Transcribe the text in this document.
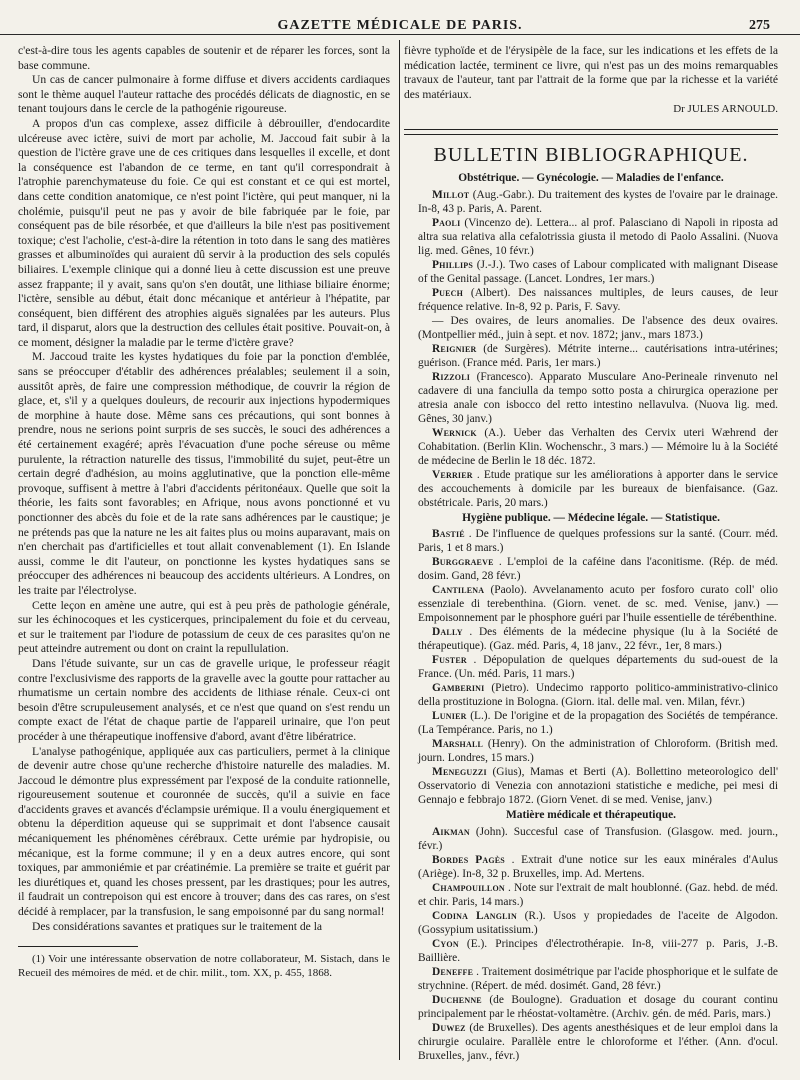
GAZETTE MÉDICALE DE PARIS.	275

c'est-à-dire tous les agents capables de soutenir et de réparer les forces, sont la base commune.

Un cas de cancer pulmonaire à forme diffuse et divers accidents cardiaques sont le thème auquel l'auteur rattache des procédés délicats de diagnostic, en se tenant toujours dans le cercle de la pathogénie rigoureuse.

A propos d'un cas complexe, assez difficile à débrouiller, d'endocardite ulcéreuse avec ictère, suivi de mort par acholie, M. Jaccoud fait subir à la question de l'ictère grave une de ces critiques dans lesquelles il excelle, et dont la conséquence est l'abandon de ce terme, en tant qu'il correspondrait à l'atrophie parenchymateuse du foie. Ce qui est constant et ce qui est mortel, dans cette condition anatomique, ce n'est point l'ictère, qui peut manquer, ni la cholémie, puisqu'il peut ne pas y avoir de bile fabriquée par le foie, par conséquent pas de bile résorbée, et que d'ailleurs la bile n'est pas positivement toxique; c'est l'acholie, c'est-à-dire la rétention in toto dans le sang des matières grasses et albuminoïdes qui auraient dû servir à la production des sels copulés biliaires. L'exemple clinique qui a donné lieu à cette discussion est une preuve assez frappante; il y avait, sans qu'on s'en doutât, une lithiase biliaire énorme; l'ictère, sensible au début, était donc mécanique et antérieur à l'hépatite, par conséquent, bien différent des atrophies aiguës signalées par les auteurs. Plus tard, il disparut, alors que la destruction des cellules était positive. Pouvait-on, à ce moment, désigner la maladie par le terme d'ictère grave?

M. Jaccoud traite les kystes hydatiques du foie par la ponction d'emblée, sans se préoccuper d'établir des adhérences préalables; seulement il a soin, aussitôt après, de faire une compression méthodique, de couvrir la région de glace, et, s'il y a quelques douleurs, de recourir aux injections hypodermiques de morphine à haute dose. Même sans ces précautions, qui sont bonnes à prendre, nous ne serions point surpris de ses succès, le souci des adhérences a été certainement exagéré; après l'évacuation d'une poche séreuse ou même purulente, la rétraction naturelle des tissus, l'immobilité du sujet, peut-être un certain degré d'adhésion, au moins agglutinative, que la ponction elle-même provoque, suffisent à mettre à l'abri d'accidents péritonéaux. Quelle que soit la théorie, les faits sont favorables; en Afrique, nous avons ponctionné et vu ponctionner des abcès du foie et de la rate sans adhérences par le caustique; je ne prétends pas que la nature ne les ait faites plus ou moins auparavant, mais on n'en cherchait pas d'artificielles et tout allait convenablement (1). En Islande aussi, comme le dit l'auteur, on ponctionne les kystes hydatiques sans se préoccuper des adhérences ni beaucoup des accidents ultérieurs. A Londres, on les traite par l'électrolyse.

Cette leçon en amène une autre, qui est à peu près de pathologie générale, sur les échinocoques et les cysticerques, principalement du foie et du cerveau, et sur le traitement par l'iodure de potassium de ceux de ces parasites qu'on ne peut atteindre autrement ou dont on craint la repullulation.

Dans l'étude suivante, sur un cas de gravelle urique, le professeur réagit contre l'exclusivisme des rapports de la gravelle avec la goutte pour rattacher au rhumatisme un certain nombre des accidents de lithiase rénale. Ceux-ci ont besoin d'être scrupuleusement analysés, et ce n'est que quand on s'est rendu un compte exact de l'état de chaque partie de l'appareil urinaire, que l'on peut procéder à une thérapeutique inoffensive d'abord, avant d'être libératrice.

L'analyse pathogénique, appliquée aux cas particuliers, permet à la clinique de devenir autre chose qu'une recherche d'histoire naturelle des maladies. M. Jaccoud le démontre plus expressément par l'exposé de la conduite rationnelle, rigoureusement soutenue et couronnée de succès, qu'il a suivie en face d'accidents graves et avancés d'éclampsie urémique. Il a voulu énergiquement et obtenu la déperdition aqueuse qui se supprimait et dont l'absence causait mécaniquement les phénomènes cérébraux. Cette urémie par hydropisie, ou mécanique, est la forme commune; il y en a deux autres encore, qui sont toxiques, par ammoniémie et par créatinémie. La première se traite et guérit par les diurétiques et, quand les choses pressent, par les drastiques; pour les autres, il faudrait un contrepoison qui est encore à trouver; dans des cas rares, on s'est décidé à remplacer, par la transfusion, le sang empoisonné par du sang normal!

Des considérations savantes et pratiques sur le traitement de la

(1) Voir une intéressante observation de notre collaborateur, M. Sistach, dans le Recueil des mémoires de méd. et de chir. milit., tom. XX, p. 455, 1868.

fièvre typhoïde et de l'érysipèle de la face, sur les indications et les effets de la médication lactée, terminent ce livre, qui n'est pas un des moins remarquables travaux de l'auteur, tant par l'attrait de la forme que par la richesse et la variété des matériaux.

Dr JULES ARNOULD.

BULLETIN BIBLIOGRAPHIQUE.
Obstétrique. — Gynécologie. — Maladies de l'enfance.

Millot (Aug.-Gabr.). Du traitement des kystes de l'ovaire par le drainage. In-8, 43 p. Paris, A. Parent.

Paoli (Vincenzo de). Lettera... al prof. Palasciano di Napoli in riposta ad altra sua relativa alla cefalotrissia giusta il metodo di Paolo Assalini. (Nuova lig. med. Gênes, 10 févr.)

Phillips (J.-J.). Two cases of Labour complicated with malignant Disease of the Genital passage. (Lancet. Londres, 1er mars.)

Puech (Albert). Des naissances multiples, de leurs causes, de leur fréquence relative. In-8, 92 p. Paris, F. Savy.

— Des ovaires, de leurs anomalies. De l'absence des deux ovaires. (Montpellier méd., juin à sept. et nov. 1872; janv., mars 1873.)

Reignier (de Surgères). Métrite interne... cautérisations intra-utérines; guérison. (France méd. Paris, 1er mars.)

Rizzoli (Francesco). Apparato Musculare Ano-Perineale rinvenuto nel cadavere di una fanciulla da tempo sotto posta a chirurgica operazione per atresia anale con isbocco del retto intestino nellavulva. (Nuova lig. med. Gênes, 30 janv.)

Wernick (A.). Ueber das Verhalten des Cervix uteri Wæhrend der Cohabitation. (Berlin Klin. Wochenschr., 3 mars.) — Mémoire lu à la Société de médecine de Berlin le 18 déc. 1872.

Verrier . Etude pratique sur les améliorations à apporter dans le service des accouchements à domicile par les bureaux de bienfaisance. (Gaz. obstétricale. Paris, 20 mars.)

Hygiène publique. — Médecine légale. — Statistique.

Bastié . De l'influence de quelques professions sur la santé. (Courr. méd. Paris, 1 et 8 mars.)

Burggraeve . L'emploi de la caféine dans l'aconitisme. (Rép. de méd. dosim. Gand, 28 févr.)

Cantilena (Paolo). Avvelanamento acuto per fosforo curato coll' olio essenziale di terebenthina. (Giorn. venet. de sc. med. Venise, janv.) — Empoisonnement par le phosphore guéri par l'huile essentielle de térébenthine.

Dally . Des éléments de la médecine physique (lu à la Société de thérapeutique). (Gaz. méd. Paris, 4, 18 janv., 22 févr., 1er, 8 mars.)

Fuster . Dépopulation de quelques départements du sud-ouest de la France. (Un. méd. Paris, 11 mars.)

Gamberini (Pietro). Undecimo rapporto politico-amministrativo-clinico della prostituzione in Bologna. (Giorn. ital. delle mal. ven. Milan, févr.)

Lunier (L.). De l'origine et de la propagation des Sociétés de tempérance. (La Tempérance. Paris, no 1.)

Marshall (Henry). On the administration of Chloroform. (British med. journ. Londres, 15 mars.)

Meneguzzi (Gius), Mamas et Berti (A). Bollettino meteorologico dell' Osservatorio di Venezia con annotazioni statistiche e mediche, pei mesi di Gennajo e febbrajo 1872. (Giorn Venet. di se med. Venise, janv.)

Matière médicale et thérapeutique.

Aikman (John). Succesful case of Transfusion. (Glasgow. med. journ., févr.)

Bordes Pagès . Extrait d'une notice sur les eaux minérales d'Aulus (Ariège). In-8, 32 p. Bruxelles, imp. Ad. Mertens.

Champouillon . Note sur l'extrait de malt houblonné. (Gaz. hebd. de méd. et chir. Paris, 14 mars.)

Codina Langlin (R.). Usos y propiedades de l'aceite de Algodon. (Gossypium usitatissium.)

Cyon (E.). Principes d'électrothérapie. In-8, viii-277 p. Paris, J.-B. Baillière.

Deneffe . Traitement dosimétrique par l'acide phosphorique et le sulfate de strychnine. (Répert. de méd. dosimét. Gand, 28 févr.)

Duchenne (de Boulogne). Graduation et dosage du courant continu principalement par le rhéostat-voltamètre. (Archiv. gén. de méd. Paris, mars.)

Duwez (de Bruxelles). Des agents anesthésiques et de leur emploi dans la chirurgie oculaire. Parallèle entre le chloroforme et l'éther. (Ann. d'ocul. Bruxelles, janv., févr.)
